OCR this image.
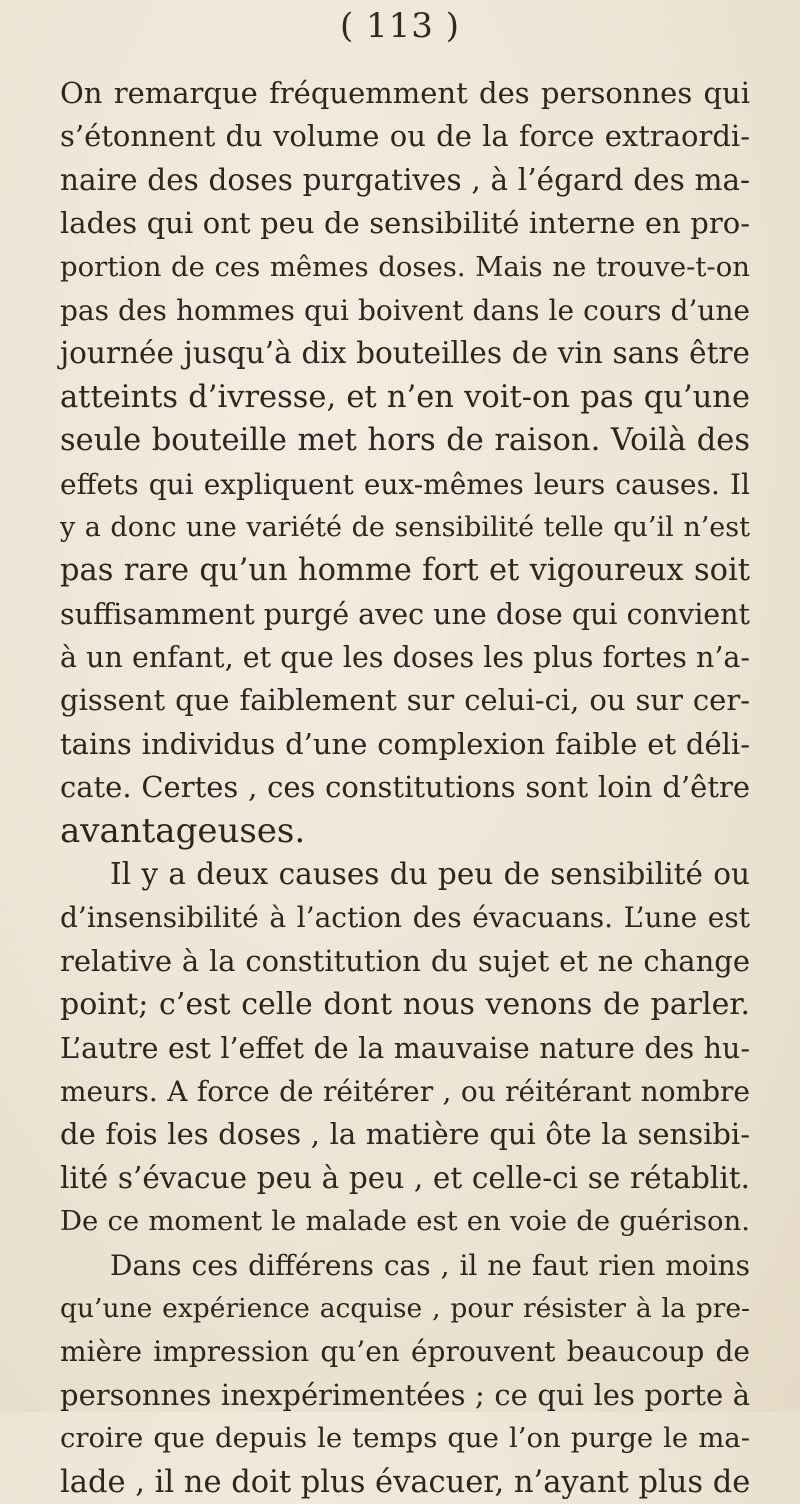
( 113 )
On remarque fréquemment des personnes qui
s’étonnent du volume ou de la force extraordi-
naire des doses purgatives , à l’égard des ma-
lades qui ont peu de sensibilité interne en pro-
portion de ces mêmes doses. Mais ne trouve-t-on
pas des hommes qui boivent dans le cours d’une
journée jusqu’à dix bouteilles de vin sans être
atteints d’ivresse, et n’en voit-on pas qu’une
seule bouteille met hors de raison. Voilà des
effets qui expliquent eux-mêmes leurs causes. Il
y a donc une variété de sensibilité telle qu’il n’est
pas rare qu’un homme fort et vigoureux soit
suffisamment purgé avec une dose qui convient
à un enfant, et que les doses les plus fortes n’a-
gissent que faiblement sur celui-ci, ou sur cer-
tains individus d’une complexion faible et déli-
cate. Certes , ces constitutions sont loin d’être
avantageuses.
Il y a deux causes du peu de sensibilité ou
d’insensibilité à l’action des évacuans. L’une est
relative à la constitution du sujet et ne change
point; c’est celle dont nous venons de parler.
L’autre est l’effet de la mauvaise nature des hu-
meurs. A force de réitérer , ou réitérant nombre
de fois les doses , la matière qui ôte la sensibi-
lité s’évacue peu à peu , et celle-ci se rétablit.
De ce moment le malade est en voie de guérison.
Dans ces différens cas , il ne faut rien moins
qu’une expérience acquise , pour résister à la pre-
mière impression qu’en éprouvent beaucoup de
personnes inexpérimentées ; ce qui les porte à
croire que depuis le temps que l’on purge le ma-
lade , il ne doit plus évacuer, n’ayant plus de
